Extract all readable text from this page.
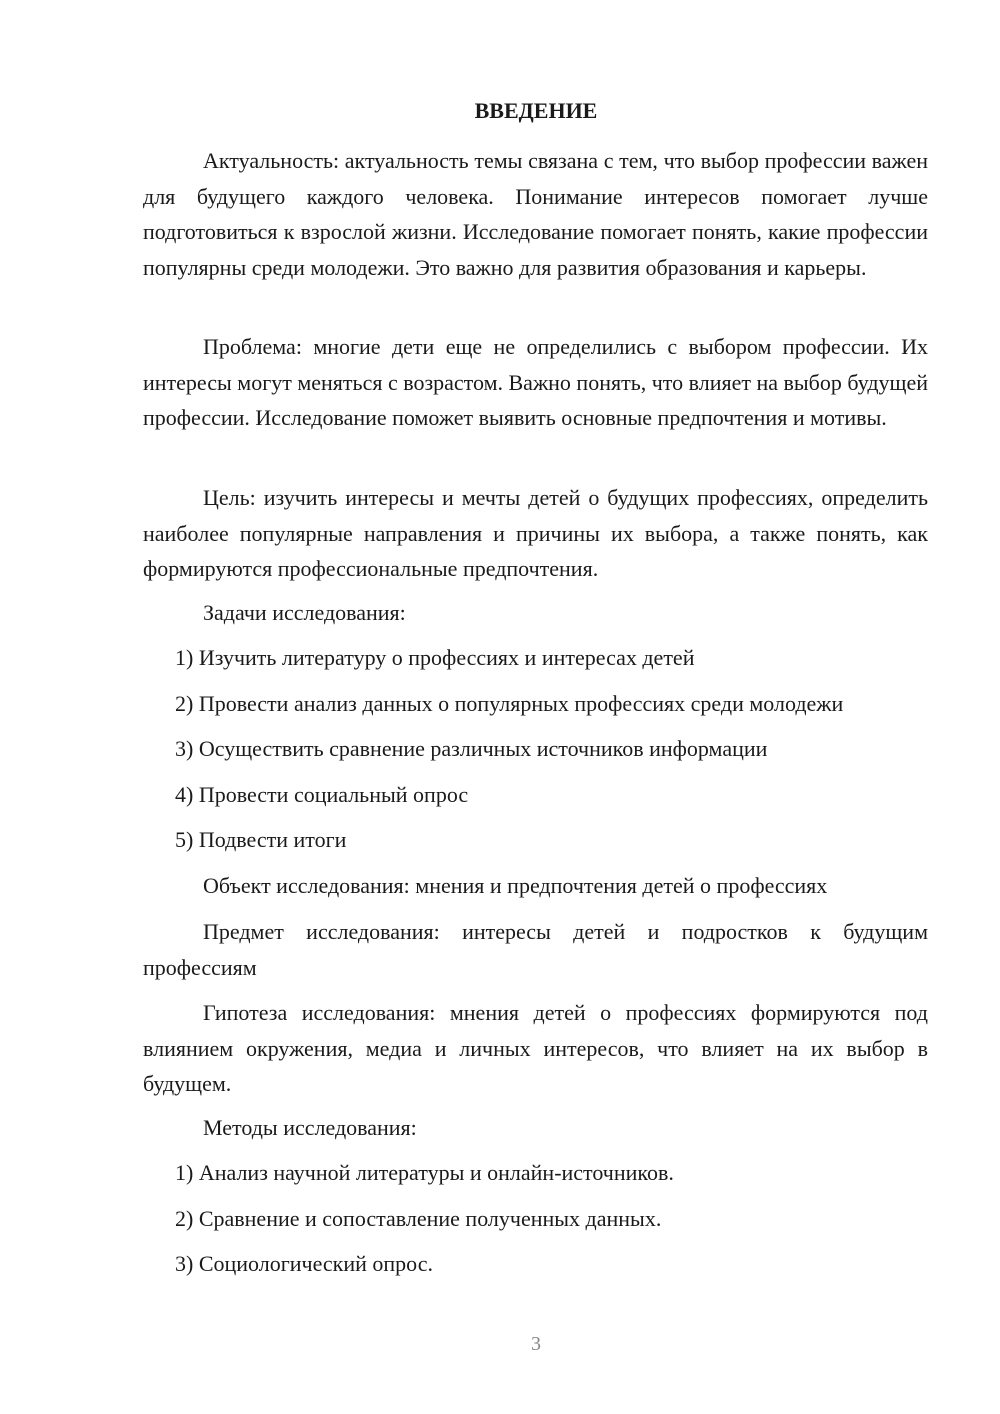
ВВЕДЕНИЕ

Актуальность: актуальность темы связана с тем, что выбор профессии важен для будущего каждого человека. Понимание интересов помогает лучше подготовиться к взрослой жизни. Исследование помогает понять, какие профессии популярны среди молодежи. Это важно для развития образования и карьеры.

Проблема: многие дети еще не определились с выбором профессии. Их интересы могут меняться с возрастом. Важно понять, что влияет на выбор будущей профессии. Исследование поможет выявить основные предпочтения и мотивы.

Цель: изучить интересы и мечты детей о будущих профессиях, определить наиболее популярные направления и причины их выбора, а также понять, как формируются профессиональные предпочтения.

Задачи исследования:
1) Изучить литературу о профессиях и интересах детей
2) Провести анализ данных о популярных профессиях среди молодежи
3) Осуществить сравнение различных источников информации
4) Провести социальный опрос
5) Подвести итоги
Объект исследования: мнения и предпочтения детей о профессиях

Предмет исследования: интересы детей и подростков к будущим профессиям

Гипотеза исследования: мнения детей о профессиях формируются под влиянием окружения, медиа и личных интересов, что влияет на их выбор в будущем.

Методы исследования:
1) Анализ научной литературы и онлайн-источников.
2) Сравнение и сопоставление полученных данных.
3) Социологический опрос.
3
